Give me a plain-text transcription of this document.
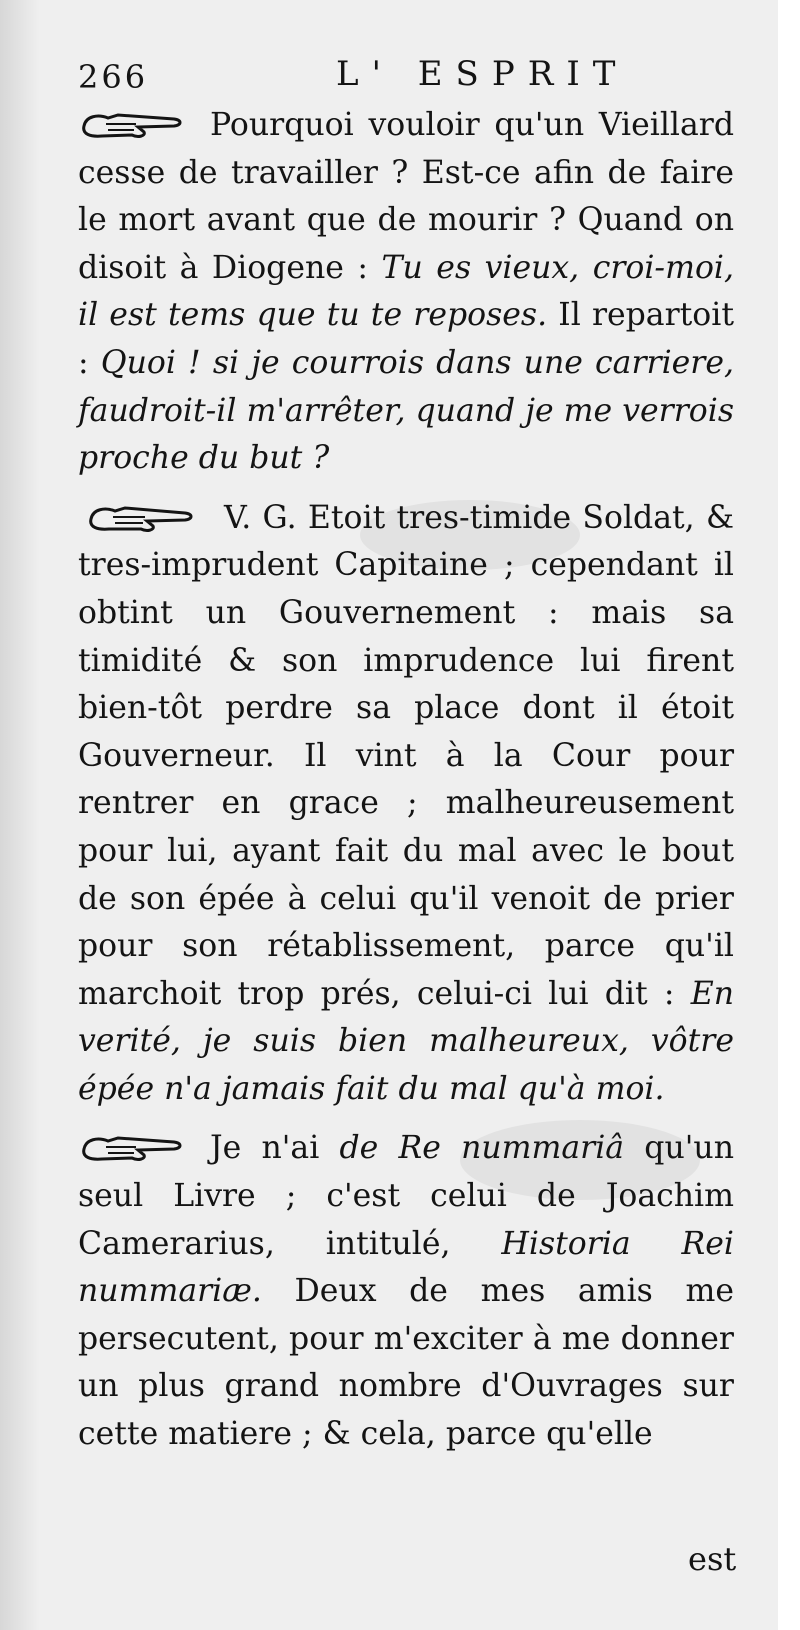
266	L' ESPRIT

Pourquoi vouloir qu'un Vieillard cesse de travailler ? Est-ce afin de faire le mort avant que de mourir ? Quand on disoit à Diogene : Tu es vieux, croi-moi, il est tems que tu te reposes. Il repartoit : Quoi ! si je courrois dans une carriere, faudroit-il m'arrêter, quand je me verrois proche du but ?

V. G. Etoit tres-timide Soldat, & tres-imprudent Capitaine ; cependant il obtint un Gouvernement : mais sa timidité & son imprudence lui firent bien-tôt perdre sa place dont il étoit Gouverneur. Il vint à la Cour pour rentrer en grace ; malheureusement pour lui, ayant fait du mal avec le bout de son épée à celui qu'il venoit de prier pour son rétablissement, parce qu'il marchoit trop prés, celui-ci lui dit : En verité, je suis bien malheureux, vôtre épée n'a jamais fait du mal qu'à moi.

Je n'ai de Re nummariâ qu'un seul Livre ; c'est celui de Joachim Camerarius, intitulé, Historia Rei nummariæ. Deux de mes amis me persecutent, pour m'exciter à me donner un plus grand nombre d'Ouvrages sur cette matiere ; & cela, parce qu'elle

est
